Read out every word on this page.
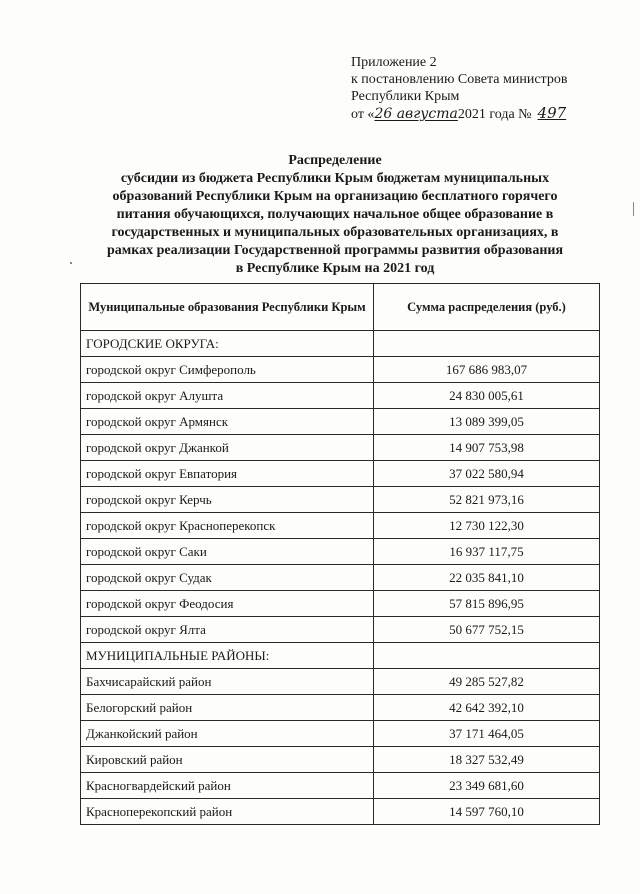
Приложение 2
к постановлению Совета министров
Республики Крым
от «26 августа2021 года № 497
Распределение
субсидии из бюджета Республики Крым бюджетам муниципальных
образований Республики Крым на организацию бесплатного горячего
питания обучающихся, получающих начальное общее образование в
государственных и муниципальных образовательных организациях, в
рамках реализации Государственной программы развития образования
в Республике Крым на 2021 год
Муниципальные образования Республики Крым	Сумма распределения (руб.)
ГОРОДСКИЕ ОКРУГА:	
городской округ Симферополь	167 686 983,07
городской округ Алушта	24 830 005,61
городской округ Армянск	13 089 399,05
городской округ Джанкой	14 907 753,98
городской округ Евпатория	37 022 580,94
городской округ Керчь	52 821 973,16
городской округ Красноперекопск	12 730 122,30
городской округ Саки	16 937 117,75
городской округ Судак	22 035 841,10
городской округ Феодосия	57 815 896,95
городской округ Ялта	50 677 752,15
МУНИЦИПАЛЬНЫЕ РАЙОНЫ:	
Бахчисарайский район	49 285 527,82
Белогорский район	42 642 392,10
Джанкойский район	37 171 464,05
Кировский район	18 327 532,49
Красногвардейский район	23 349 681,60
Красноперекопский район	14 597 760,10
